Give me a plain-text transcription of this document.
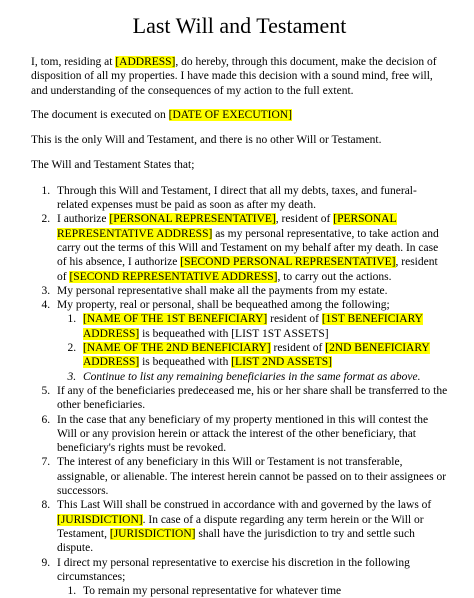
Last Will and Testament

I, tom, residing at [ADDRESS], do hereby, through this document, make the decision of disposition of all my properties. I have made this decision with a sound mind, free will, and understanding of the consequences of my action to the full extent.

The document is executed on [DATE OF EXECUTION]

This is the only Will and Testament, and there is no other Will or Testament.

The Will and Testament States that;

1. Through this Will and Testament, I direct that all my debts, taxes, and funeral-related expenses must be paid as soon as after my death.
2. I authorize [PERSONAL REPRESENTATIVE], resident of [PERSONAL REPRESENTATIVE ADDRESS] as my personal representative, to take action and carry out the terms of this Will and Testament on my behalf after my death. In case of his absence, I authorize [SECOND PERSONAL REPRESENTATIVE], resident of [SECOND REPRESENTATIVE ADDRESS], to carry out the actions.
3. My personal representative shall make all the payments from my estate.
4. My property, real or personal, shall be bequeathed among the following;
1. [NAME OF THE 1ST BENEFICIARY] resident of [1ST BENEFICIARY ADDRESS] is bequeathed with [LIST 1ST ASSETS]
2. [NAME OF THE 2ND BENEFICIARY] resident of [2ND BENEFICIARY ADDRESS] is bequeathed with [LIST 2ND ASSETS]
3. Continue to list any remaining beneficiaries in the same format as above.
5. If any of the beneficiaries predeceased me, his or her share shall be transferred to the other beneficiaries.
6. In the case that any beneficiary of my property mentioned in this will contest the Will or any provision herein or attack the interest of the other beneficiary, that beneficiary's rights must be revoked.
7. The interest of any beneficiary in this Will or Testament is not transferable, assignable, or alienable. The interest herein cannot be passed on to their assignees or successors.
8. This Last Will shall be construed in accordance with and governed by the laws of [JURISDICTION]. In case of a dispute regarding any term herein or the Will or Testament, [JURISDICTION] shall have the jurisdiction to try and settle such dispute.
9. I direct my personal representative to exercise his discretion in the following circumstances;
1. To remain my personal representative for whatever time
